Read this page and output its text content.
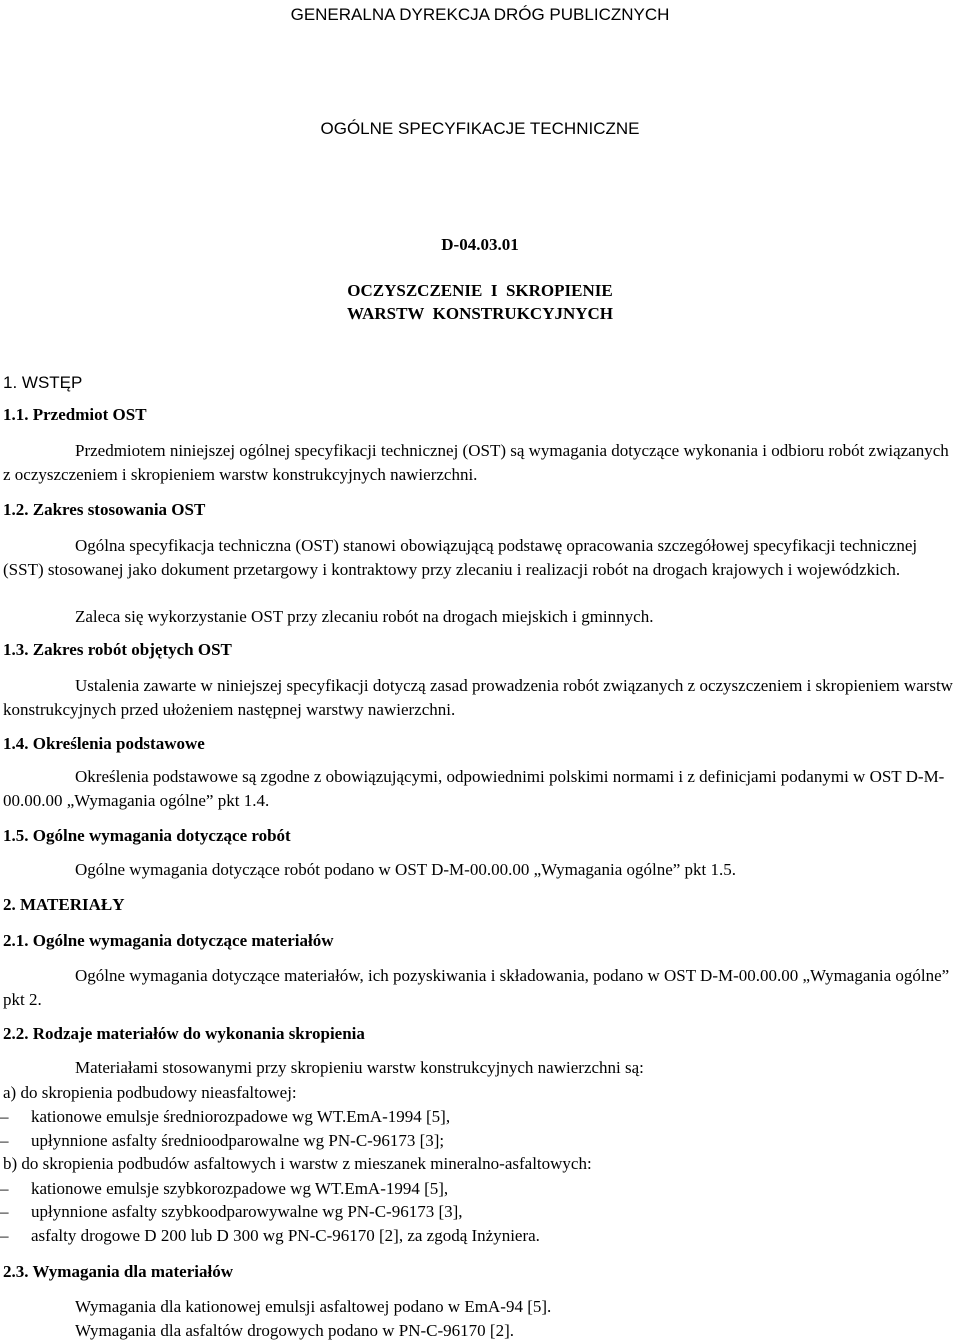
GENERALNA DYREKCJA DRÓG PUBLICZNYCH
OGÓLNE SPECYFIKACJE TECHNICZNE
D-04.03.01
OCZYSZCZENIE  I  SKROPIENIE
WARSTW  KONSTRUKCYJNYCH
1. WSTĘP
1.1. Przedmiot OST

Przedmiotem niniejszej ogólnej specyfikacji technicznej (OST) są wymagania dotyczące wykonania i odbioru robót związanych z oczyszczeniem i skropieniem warstw konstrukcyjnych nawierzchni.

1.2. Zakres stosowania OST

Ogólna specyfikacja techniczna (OST) stanowi obowiązującą podstawę opracowania szczegółowej specyfikacji technicznej (SST) stosowanej jako dokument przetargowy i kontraktowy przy zlecaniu i realizacji robót na drogach krajowych i wojewódzkich.

Zaleca się wykorzystanie OST przy zlecaniu robót na drogach miejskich i gminnych.

1.3. Zakres robót objętych OST

Ustalenia zawarte w niniejszej specyfikacji dotyczą zasad prowadzenia robót związanych z oczyszczeniem i skropieniem warstw konstrukcyjnych przed ułożeniem następnej warstwy nawierzchni.

1.4. Określenia podstawowe

Określenia podstawowe są zgodne z obowiązującymi, odpowiednimi polskimi normami i z definicjami podanymi w OST D-M-00.00.00 „Wymagania ogólne” pkt 1.4.

1.5. Ogólne wymagania dotyczące robót

Ogólne wymagania dotyczące robót podano w OST D-M-00.00.00 „Wymagania ogólne” pkt 1.5.

2. MATERIAŁY
2.1. Ogólne wymagania dotyczące materiałów

Ogólne wymagania dotyczące materiałów, ich pozyskiwania i składowania, podano w OST D-M-00.00.00 „Wymagania ogólne” pkt 2.

2.2. Rodzaje materiałów do wykonania skropienia

Materiałami stosowanymi przy skropieniu warstw konstrukcyjnych nawierzchni są:

a) do skropienia podbudowy nieasfaltowej:
– kationowe emulsje średniorozpadowe wg WT.EmA-1994 [5],
– upłynnione asfalty średnioodparowalne wg PN-C-96173 [3];
b) do skropienia podbudów asfaltowych i warstw z mieszanek mineralno-asfaltowych:
– kationowe emulsje szybkorozpadowe wg WT.EmA-1994 [5],
– upłynnione asfalty szybkoodparowywalne wg PN-C-96173 [3],
– asfalty drogowe D 200 lub D 300 wg PN-C-96170 [2], za zgodą Inżyniera.
2.3. Wymagania dla materiałów
Wymagania dla kationowej emulsji asfaltowej podano w EmA-94 [5].
Wymagania dla asfaltów drogowych podano w PN-C-96170 [2].
